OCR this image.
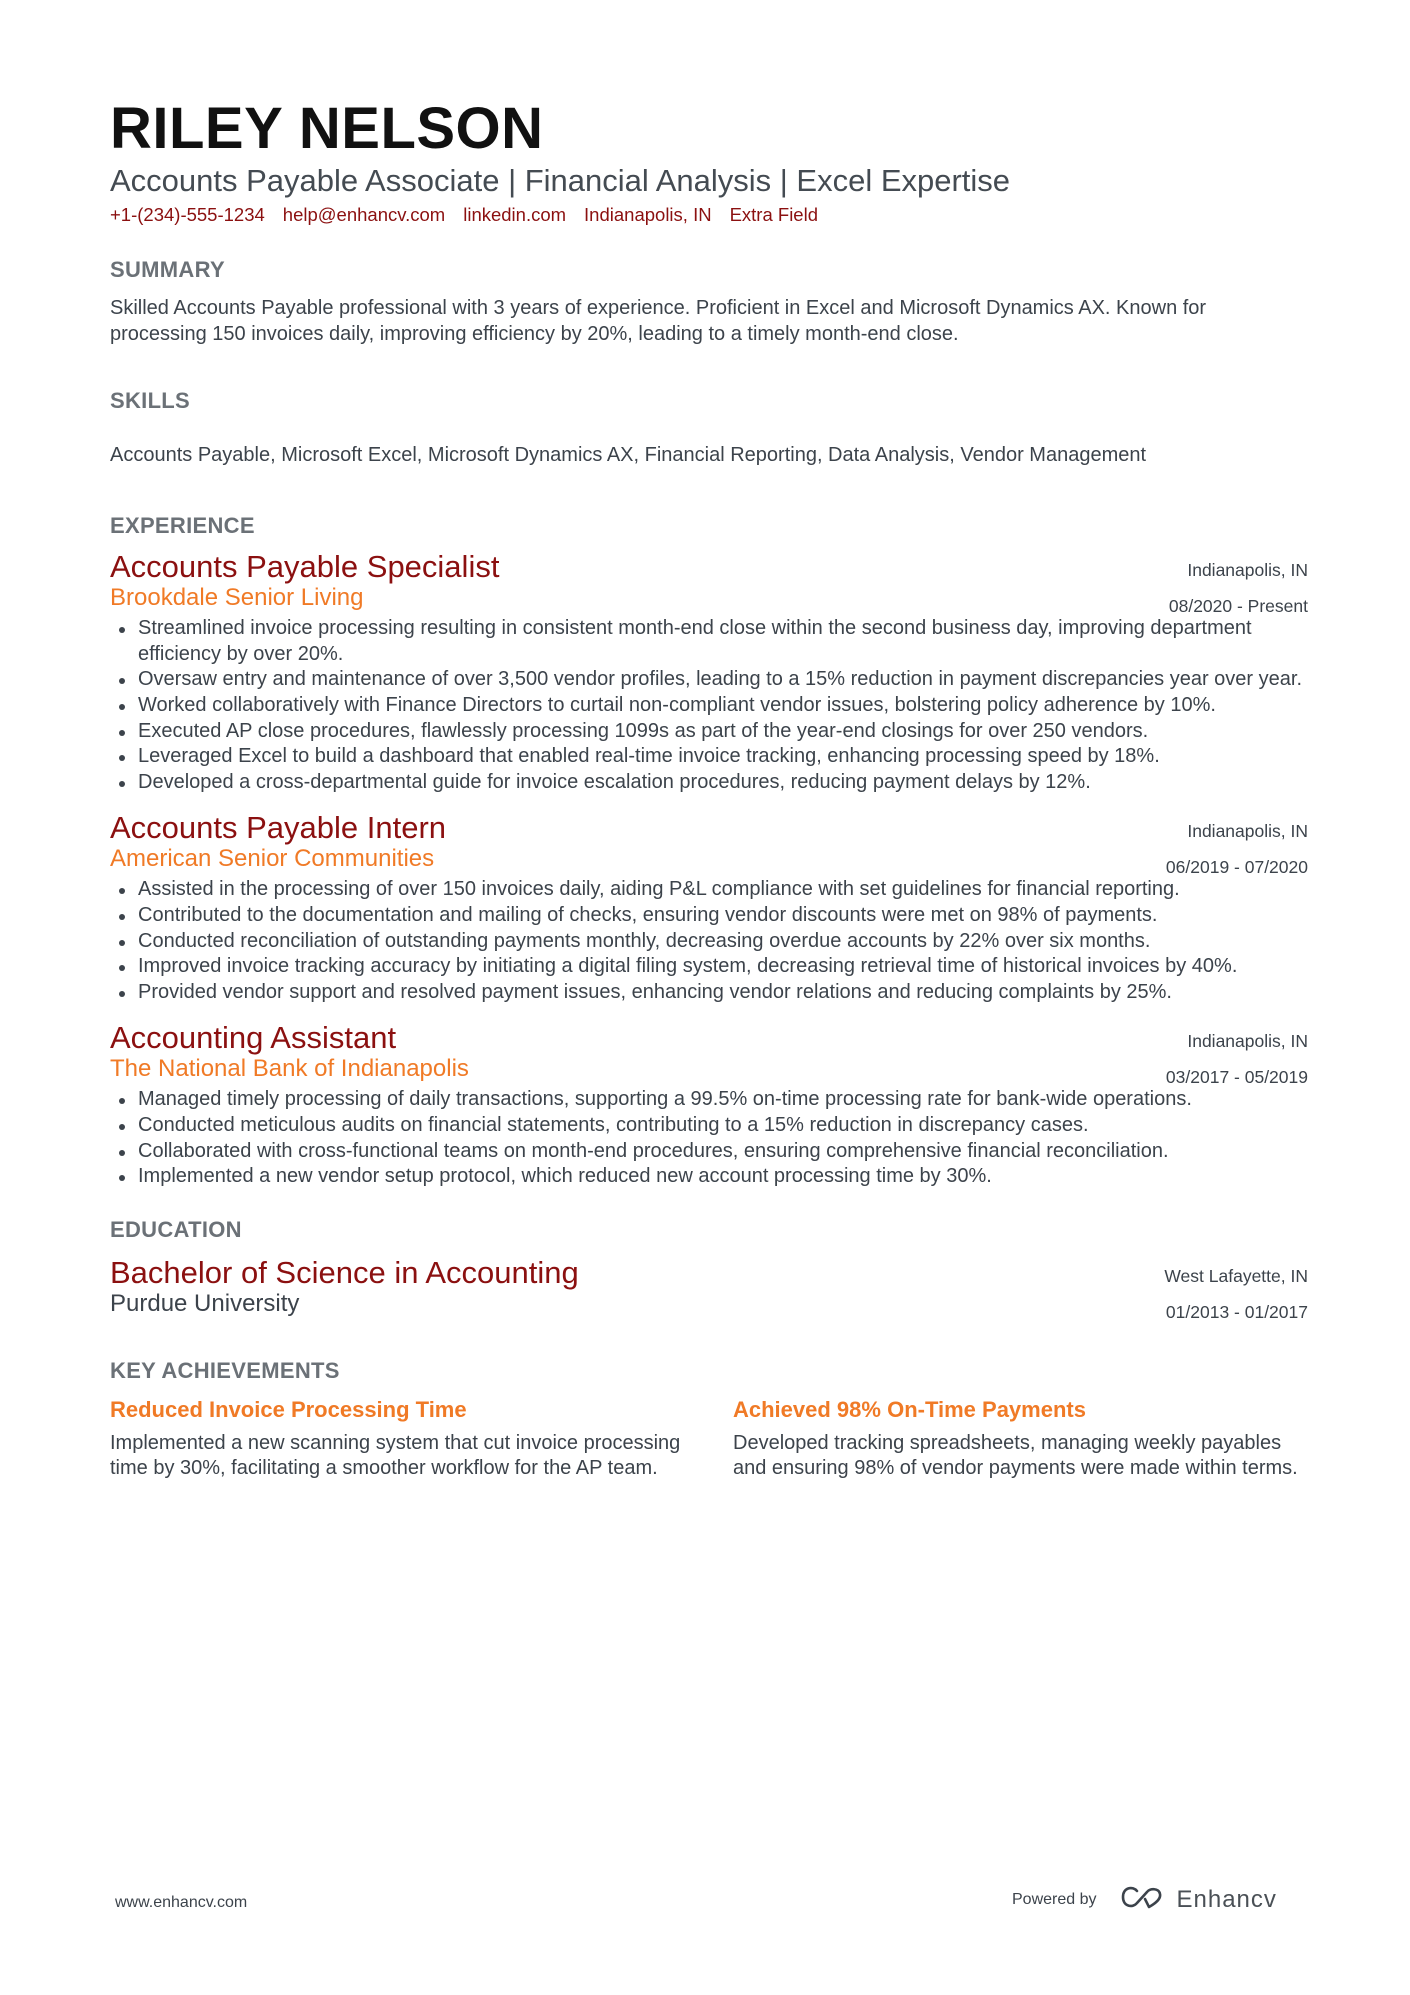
RILEY NELSON
Accounts Payable Associate | Financial Analysis | Excel Expertise
+1-(234)-555-1234 help@enhancv.com linkedin.com Indianapolis, IN Extra Field
SUMMARY

Skilled Accounts Payable professional with 3 years of experience. Proficient in Excel and Microsoft Dynamics AX. Known for processing 150 invoices daily, improving efficiency by 20%, leading to a timely month-end close.

SKILLS

Accounts Payable, Microsoft Excel, Microsoft Dynamics AX, Financial Reporting, Data Analysis, Vendor Management

EXPERIENCE
Accounts Payable Specialist
Brookdale Senior Living
Indianapolis, IN
08/2020 - Present
Streamlined invoice processing resulting in consistent month-end close within the second business day, improving department efficiency by over 20%.
Oversaw entry and maintenance of over 3,500 vendor profiles, leading to a 15% reduction in payment discrepancies year over year.
Worked collaboratively with Finance Directors to curtail non-compliant vendor issues, bolstering policy adherence by 10%.
Executed AP close procedures, flawlessly processing 1099s as part of the year-end closings for over 250 vendors.
Leveraged Excel to build a dashboard that enabled real-time invoice tracking, enhancing processing speed by 18%.
Developed a cross-departmental guide for invoice escalation procedures, reducing payment delays by 12%.
Accounts Payable Intern
American Senior Communities
Indianapolis, IN
06/2019 - 07/2020
Assisted in the processing of over 150 invoices daily, aiding P&L compliance with set guidelines for financial reporting.
Contributed to the documentation and mailing of checks, ensuring vendor discounts were met on 98% of payments.
Conducted reconciliation of outstanding payments monthly, decreasing overdue accounts by 22% over six months.
Improved invoice tracking accuracy by initiating a digital filing system, decreasing retrieval time of historical invoices by 40%.
Provided vendor support and resolved payment issues, enhancing vendor relations and reducing complaints by 25%.
Accounting Assistant
The National Bank of Indianapolis
Indianapolis, IN
03/2017 - 05/2019
Managed timely processing of daily transactions, supporting a 99.5% on-time processing rate for bank-wide operations.
Conducted meticulous audits on financial statements, contributing to a 15% reduction in discrepancy cases.
Collaborated with cross-functional teams on month-end procedures, ensuring comprehensive financial reconciliation.
Implemented a new vendor setup protocol, which reduced new account processing time by 30%.
EDUCATION
Bachelor of Science in Accounting
Purdue University
West Lafayette, IN
01/2013 - 01/2017
KEY ACHIEVEMENTS
Reduced Invoice Processing Time
Implemented a new scanning system that cut invoice processing time by 30%, facilitating a smoother workflow for the AP team.
Achieved 98% On-Time Payments
Developed tracking spreadsheets, managing weekly payables and ensuring 98% of vendor payments were made within terms.
www.enhancv.com	Powered by	Enhancv
